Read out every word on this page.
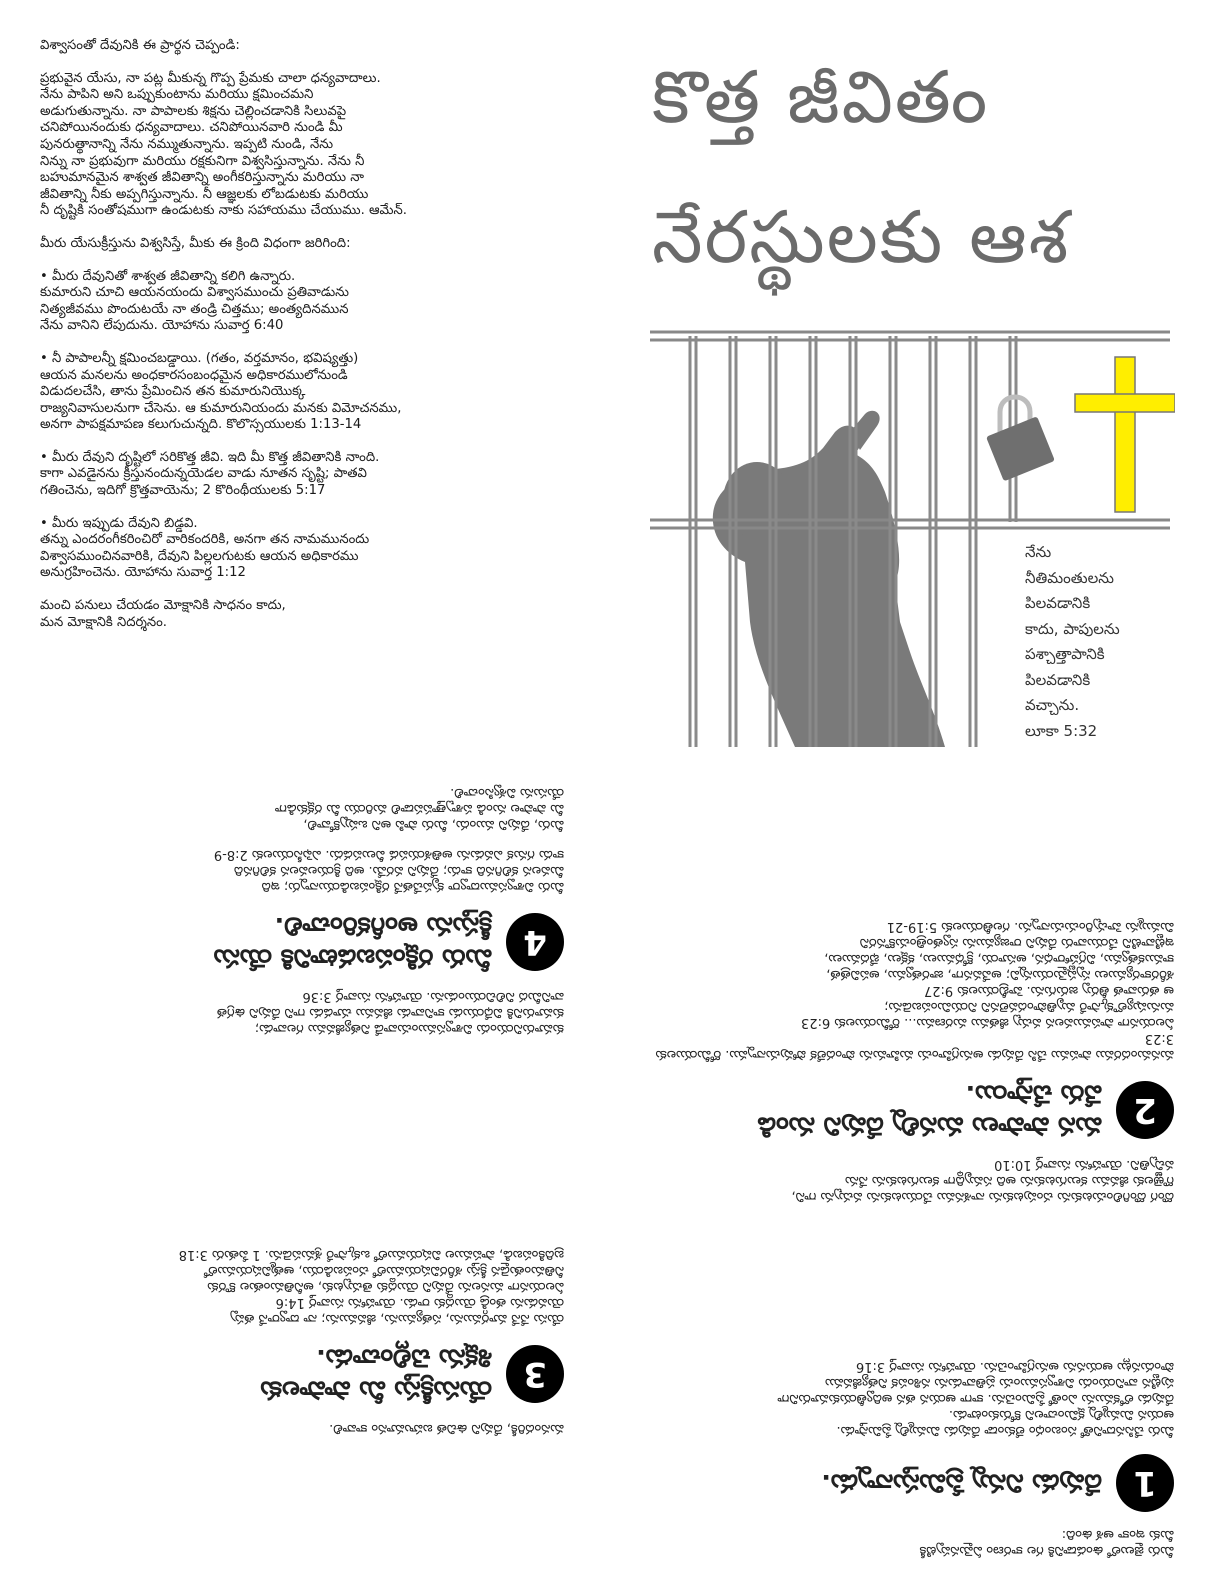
విశ్వాసంతో దేవునికి ఈ ప్రార్థన చెప్పండి:

ప్రభువైన యేసు, నా పట్ల మీకున్న గొప్ప ప్రేమకు చాలా ధన్యవాదాలు.
నేను పాపిని అని ఒప్పుకుంటాను మరియు క్షమించమని
అడుగుతున్నాను. నా పాపాలకు శిక్షను చెల్లించడానికి సిలువపై
చనిపోయినందుకు ధన్యవాదాలు. చనిపోయినవారి నుండి మీ
పునరుత్థానాన్ని నేను నమ్ముతున్నాను. ఇప్పటి నుండి, నేను
నిన్ను నా ప్రభువుగా మరియు రక్షకునిగా విశ్వసిస్తున్నాను. నేను నీ
బహుమానమైన శాశ్వత జీవితాన్ని అంగీకరిస్తున్నాను మరియు నా
జీవితాన్ని నీకు అప్పగిస్తున్నాను. నీ ఆజ్ఞలకు లోబడుటకు మరియు
నీ దృష్టికి సంతోషముగా ఉండుటకు నాకు సహాయము చేయుము. ఆమేన్.

మీరు యేసుక్రీస్తును విశ్వసిస్తే, మీకు ఈ క్రింది విధంగా జరిగింది:

• మీరు దేవునితో శాశ్వత జీవితాన్ని కలిగి ఉన్నారు.
కుమారుని చూచి ఆయనయందు విశ్వాసముంచు ప్రతివాడును
నిత్యజీవము పొందుటయే నా తండ్రి చిత్తము; అంత్యదినమున
నేను వానిని లేపుదును. యోహాను సువార్త 6:40

• నీ పాపాలన్నీ క్షమించబడ్డాయి. (గతం, వర్తమానం, భవిష్యత్తు)
ఆయన మనలను అంధకారసంబంధమైన అధికారములోనుండి
విడుదలచేసి, తాను ప్రేమించిన తన కుమారునియొక్క
రాజ్యనివాసులనుగా చేసెను. ఆ కుమారునియందు మనకు విమోచనము,
అనగా పాపక్షమాపణ కలుగుచున్నది. కొలొస్సయులకు 1:13-14

• మీరు దేవుని దృష్టిలో సరికొత్త జీవి. ఇది మీ కొత్త జీవితానికి నాంది.
కాగా ఎవడైనను క్రీస్తునందున్నయెడల వాడు నూతన సృష్టి; పాతవి
గతించెను, ఇదిగో క్రొత్తవాయెను; 2 కొరింథీయులకు 5:17

• మీరు ఇప్పుడు దేవుని బిడ్డవి.
తన్ను ఎందరంగీకరించిరో వారికందరికి, అనగా తన నామమునందు
విశ్వాసముంచినవారికి, దేవుని పిల్లలగుటకు ఆయన అధికారము
అనుగ్రహించెను. యోహాను సువార్త 1:12

మంచి పనులు చేయడం మోక్షానికి సాధనం కాదు,
మన మోక్షానికి నిదర్శనం.

కొత్త జీవితం
నేరస్థులకు ఆశ
నేను
నీతిమంతులను
పిలవడానికి
కాదు, పాపులను
పశ్చాత్తాపానికి
పిలవడానికి
వచ్చాను.
లూకా 5:32

మీరు జైలులో ఉండడానికి గల కారణం ఏమైనప్పటికీ
మీకు ఇంకా ఆశ ఉంది:

1
దేవుడు నిన్ను ప్రేమిస్తున్నాడు.

మీరు చేసినదానితో సంబంధం లేకుండా దేవుడు మిమ్మల్ని ప్రేమిస్తాడు.
ఆయన మిమ్మల్ని క్షమించాలని కోరుకుంటాడు.
దేవుడు లోకమును ఎంతో ప్రేమించెను. కాగా ఆయన తన అద్వితీయకుమారునిగా
పుట్టిన వానియందు విశ్వాసముంచు ప్రతివాడును నశింపక నిత్యజీవము
పొందునట్లు ఆయనను అనుగ్రహించెను. యోహాను సువార్త 3:16

దొంగ దొంగిలించుటకును చంపుటకును నాశనము చేయుటకును వచ్చును గాని,
గొఱ్ఱెలకు జీవము కలుగుటకును అది సమృద్ధిగా కలుగుటకును నేను
వచ్చితిని. యోహాను సువార్త 10:10

2
మన పాపాలు మనల్ని దేవుని నుండి
వేరు చేస్తాయి.

మనమందరము పాపము చేసి దేవుడు అనుగ్రహించు మహిమను పొందలేక పోవుచున్నాము. రోమీయులకు 3:23
ఏలయనగా పాపమువలన వచ్చు జీతము మరణము... రోమీయులకు 6:23
మనుష్యులొక్కసారే మృతిపొందవలెనని నియమింపబడెను;
ఆ తరువాత తీర్పు జరుగును. హెబ్రీయులకు 9:27
శరీరకార్యములు స్పష్టమైయున్నవి; అవేవనగా, జారత్వము, అపవిత్రత,
కాముకత్వము, విగ్రహారాధన, అసూయ, క్రోధములు, కక్షలు, భేదములు,
ఇట్టివాటిని చేయువారు దేవుని రాజ్యమును స్వతంత్రించుకొనరని
మిమ్మును హెచ్చరించుచున్నాను. గలతీయులకు 5:19-21

మనందరికీ, దేవుని ఉచిత బహుమానం కావాలి.

3
యేసుక్రీస్తు మీ పాపాలకు
శిక్షను చెల్లించాడు.

యేసు నేనే మార్గమును, సత్యమును, జీవమును; నా ద్వారానే తప్ప
యెవడును తండ్రి యొద్దకు రాడు. యోహాను సువార్త 14:6
ఏలయనగా మనలను దేవుని యొద్దకు తెచ్చుటకు, అనీతిమంతుల కొరకు
నీతిమంతుడైన క్రీస్తు శరీరవిషయములో చంపబడియు, ఆత్మవిషయములో
బ్రదికింపబడి, పాపముల విషయములో ఒక్కసారే శ్రమపడెను. 1 పేతురు 3:18

కుమారునియందు విశ్వాసముంచువాడే నిత్యజీవము గలవాడు;
కుమారునికి విధేయుడు కానివాడు జీవము చూడడు గాని దేవుని ఉగ్రత
వానిమీద నిలిచియుండును. యోహాను సువార్త 3:36

4
మీరు రక్షింపబడటానికి యేసు
క్రీస్తును అంగీకరించాలి.

మీరు విశ్వాసముద్వారా కృపచేతనే రక్షింపబడియున్నారు; ఇది
మీవలన కలిగినది కాదు; దేవుని వరమే. అది క్రియలవలన కలిగినది
కాదు గనుక ఎవడును అతిశయపడ వీలుపడదు. ఎఫెసీయులకు 2:8-9

మీరు, దేవుని ముందు, మీరు పాపి అని ఒప్పుకోవాలి,
మీ పాపాల నుండి పశ్చాత్తాపపడాలి మరియు మీ రక్షకుడిగా
యేసును విశ్వసించాలి.
